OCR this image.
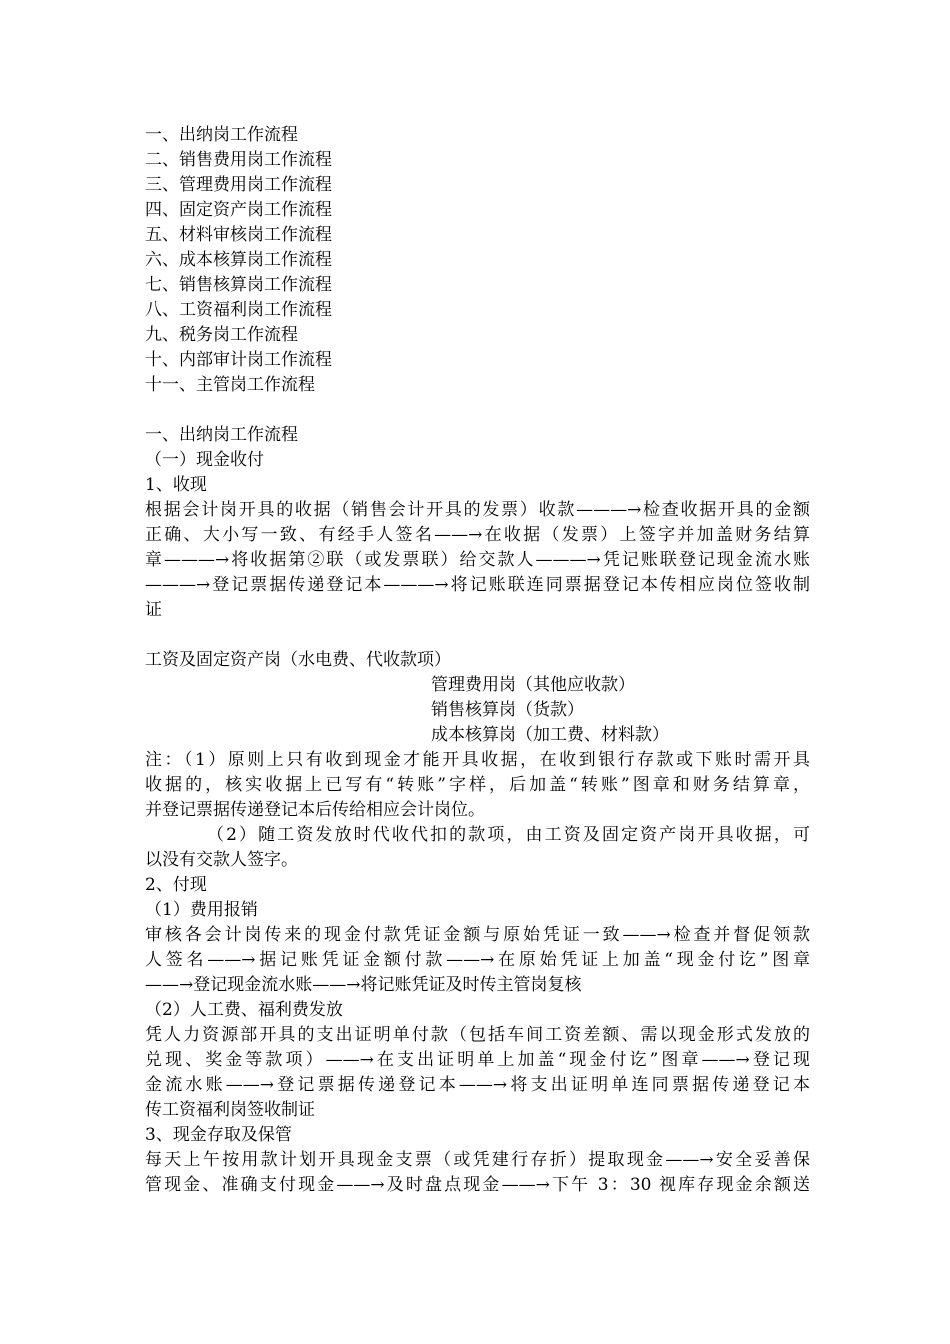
一、出纳岗工作流程
二、销售费用岗工作流程
三、管理费用岗工作流程
四、固定资产岗工作流程
五、材料审核岗工作流程
六、成本核算岗工作流程
七、销售核算岗工作流程
八、工资福利岗工作流程
九、税务岗工作流程
十、内部审计岗工作流程
十一、主管岗工作流程
一、出纳岗工作流程
（一）现金收付
1、收现
根据会计岗开具的收据（销售会计开具的发票）收款———→检查收据开具的金额
正确、大小写一致、有经手人签名——→在收据（发票）上签字并加盖财务结算
章———→将收据第②联（或发票联）给交款人———→凭记账联登记现金流水账
———→登记票据传递登记本———→将记账联连同票据登记本传相应岗位签收制
证
工资及固定资产岗（水电费、代收款项）
管理费用岗（其他应收款）
销售核算岗（货款）
成本核算岗（加工费、材料款）
注：（1）原则上只有收到现金才能开具收据，在收到银行存款或下账时需开具
收据的，核实收据上已写有“转账”字样，后加盖“转账”图章和财务结算章，
并登记票据传递登记本后传给相应会计岗位。
（2）随工资发放时代收代扣的款项，由工资及固定资产岗开具收据，可
以没有交款人签字。
2、付现
（1）费用报销
审核各会计岗传来的现金付款凭证金额与原始凭证一致——→检查并督促领款
人签名——→据记账凭证金额付款——→在原始凭证上加盖“现金付讫”图章
——→登记现金流水账——→将记账凭证及时传主管岗复核
（2）人工费、福利费发放
凭人力资源部开具的支出证明单付款（包括车间工资差额、需以现金形式发放的
兑现、奖金等款项）——→在支出证明单上加盖“现金付讫”图章——→登记现
金流水账——→登记票据传递登记本——→将支出证明单连同票据传递登记本
传工资福利岗签收制证
3、现金存取及保管
每天上午按用款计划开具现金支票（或凭建行存折）提取现金——→安全妥善保
管现金、准确支付现金——→及时盘点现金——→下午 3：30 视库存现金余额送
